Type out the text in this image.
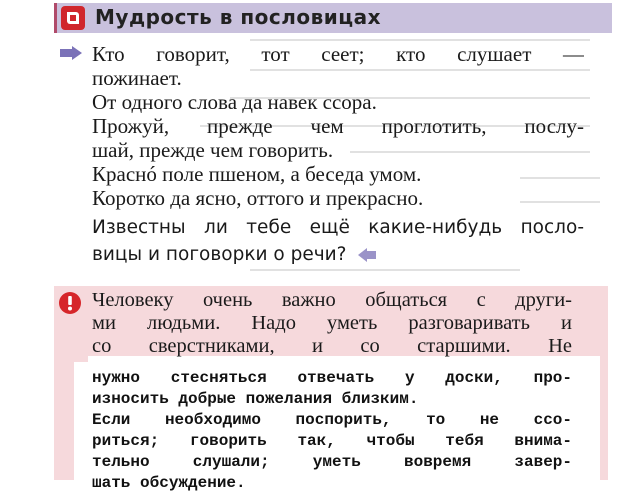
Мудрость в пословицах
Кто говорит, тот сеет; кто слушает —
пожинает.
От одного слова да навек ссора.
Прожуй, прежде чем проглотить, послу-
шай, прежде чем говорить.
Краснó поле пшеном, а беседа умом.
Коротко да ясно, оттого и прекрасно.
Известны ли тебе ещё какие-нибудь посло-
вицы и поговорки о речи?
Человеку очень важно общаться с други-
ми людьми. Надо уметь разговаривать и
со сверстниками, и со старшими. Не
нужно стесняться отвечать у доски, про-
износить добрые пожелания близким.
Если необходимо поспорить, то не ссо-
риться; говорить так, чтобы тебя внима-
тельно слушали; уметь вовремя завер-
шать обсуждение.
